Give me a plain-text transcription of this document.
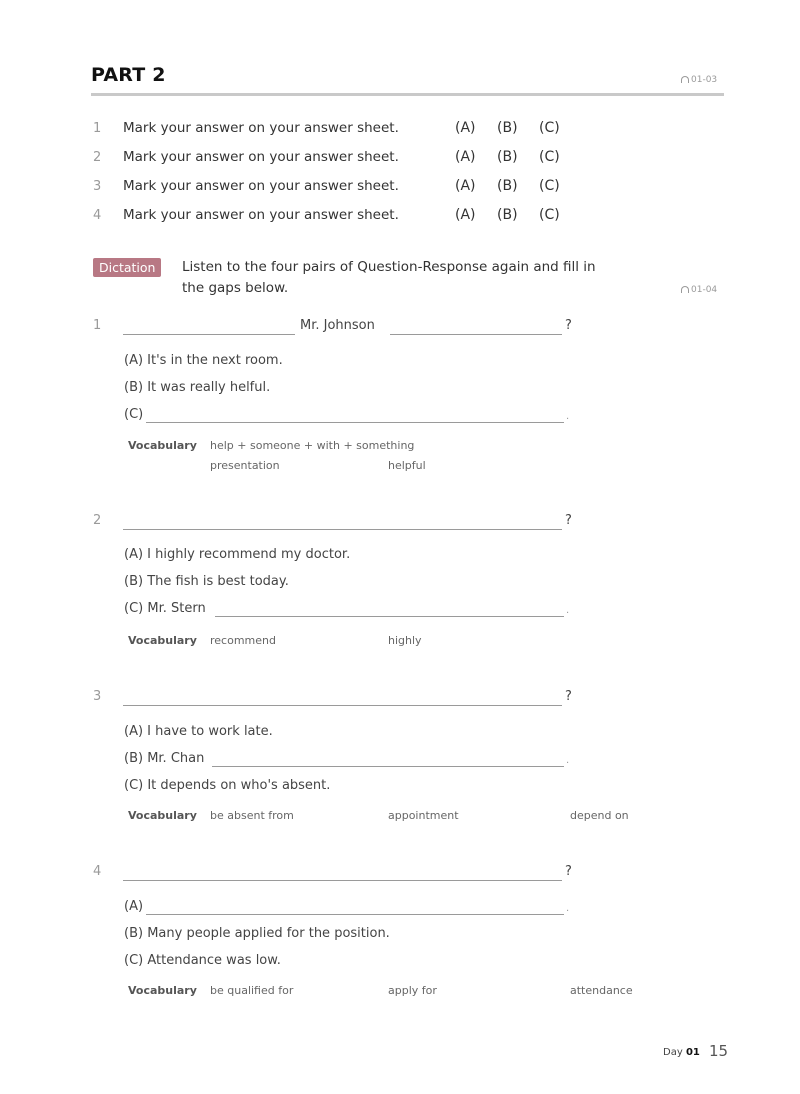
PART 2	01-03
1 Mark your answer on your answer sheet.	(A) (B) (C)
2 Mark your answer on your answer sheet.	(A) (B) (C)
3 Mark your answer on your answer sheet.	(A) (B) (C)
4 Mark your answer on your answer sheet.	(A) (B) (C)
Dictation	Listen to the four pairs of Question-Response again and fill in
the gaps below.	01-04
1	Mr. Johnson	?
(A) It's in the next room.
(B) It was really helful.
(C)	.
Vocabulary help + someone + with + something
presentation	helpful
2	?
(A) I highly recommend my doctor.
(B) The fish is best today.
(C) Mr. Stern	.
Vocabulary recommend	highly
3	?
(A) I have to work late.
(B) Mr. Chan	.
(C) It depends on who's absent.
Vocabulary be absent from	appointment	depend on
4	?
(A)	.
(B) Many people applied for the position.
(C) Attendance was low.
Vocabulary be qualified for	apply for	attendance
Day 01 15
